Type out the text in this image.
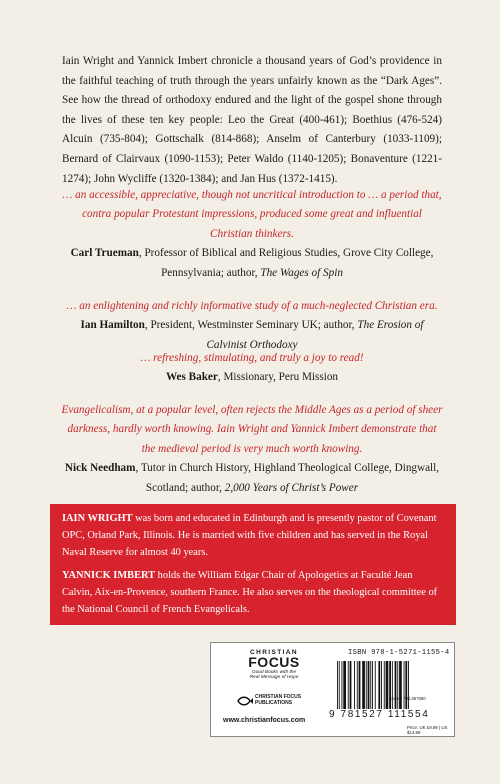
Iain Wright and Yannick Imbert chronicle a thousand years of God’s providence in the faithful teaching of truth through the years unfairly known as the “Dark Ages”. See how the thread of orthodoxy endured and the light of the gospel shone through the lives of these ten key people: Leo the Great (400-461); Boethius (476-524) Alcuin (735-804); Gottschalk (814-868); Anselm of Canterbury (1033-1109); Bernard of Clairvaux (1090-1153); Peter Waldo (1140-1205); Bonaventure (1221-1274); John Wycliffe (1320-1384); and Jan Hus (1372-1415).

… an accessible, appreciative, though not uncritical introduction to … a period that, contra popular Protestant impressions, produced some great and influential Christian thinkers.

Carl Trueman, Professor of Biblical and Religious Studies, Grove City College, Pennsylvania; author, The Wages of Spin

… an enlightening and richly informative study of a much-neglected Christian era.

Ian Hamilton, President, Westminster Seminary UK; author, The Erosion of Calvinist Orthodoxy

… refreshing, stimulating, and truly a joy to read!

Wes Baker, Missionary, Peru Mission

Evangelicalism, at a popular level, often rejects the Middle Ages as a period of sheer darkness, hardly worth knowing. Iain Wright and Yannick Imbert demonstrate that the medieval period is very much worth knowing.

Nick Needham, Tutor in Church History, Highland Theological College, Dingwall, Scotland; author, 2,000 Years of Christ’s Power

IAIN WRIGHT was born and educated in Edinburgh and is presently pastor of Covenant OPC, Orland Park, Illinois. He is married with five children and has served in the Royal Naval Reserve for almost 40 years.

YANNICK IMBERT holds the William Edgar Chair of Apologetics at Faculté Jean Calvin, Aix-en-Provence, southern France. He also serves on the theological committee of the National Council of French Evangelicals.

CHRISTIAN

FOCUS

Good Books with the

Real Message of Hope

CHRISTIAN FOCUS
PUBLICATIONS

www.christianfocus.com

ISBN 978-1-5271-1155-4

9 781527 111554

Codes: REL067080

Price: UK £9.99 | US $13.99
